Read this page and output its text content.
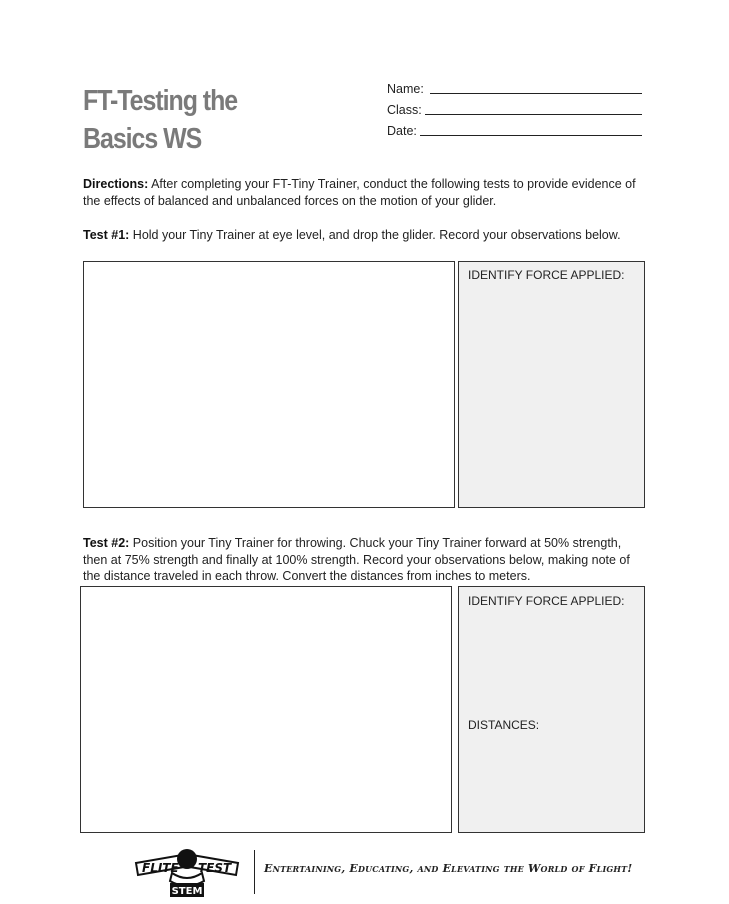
FT-Testing the
Basics WS
Name:
Class:
Date:
Directions: After completing your FT-Tiny Trainer, conduct the following tests to provide evidence of the effects of balanced and unbalanced forces on the motion of your glider.
Test #1: Hold your Tiny Trainer at eye level, and drop the glider. Record your observations below.
IDENTIFY FORCE APPLIED:
Test #2: Position your Tiny Trainer for throwing. Chuck your Tiny Trainer forward at 50% strength, then at 75% strength and finally at 100% strength. Record your observations below, making note of the distance traveled in each throw. Convert the distances from inches to meters.
IDENTIFY FORCE APPLIED:
DISTANCES:
FLITE TEST
STEM
Entertaining, Educating, and Elevating the World of Flight!
